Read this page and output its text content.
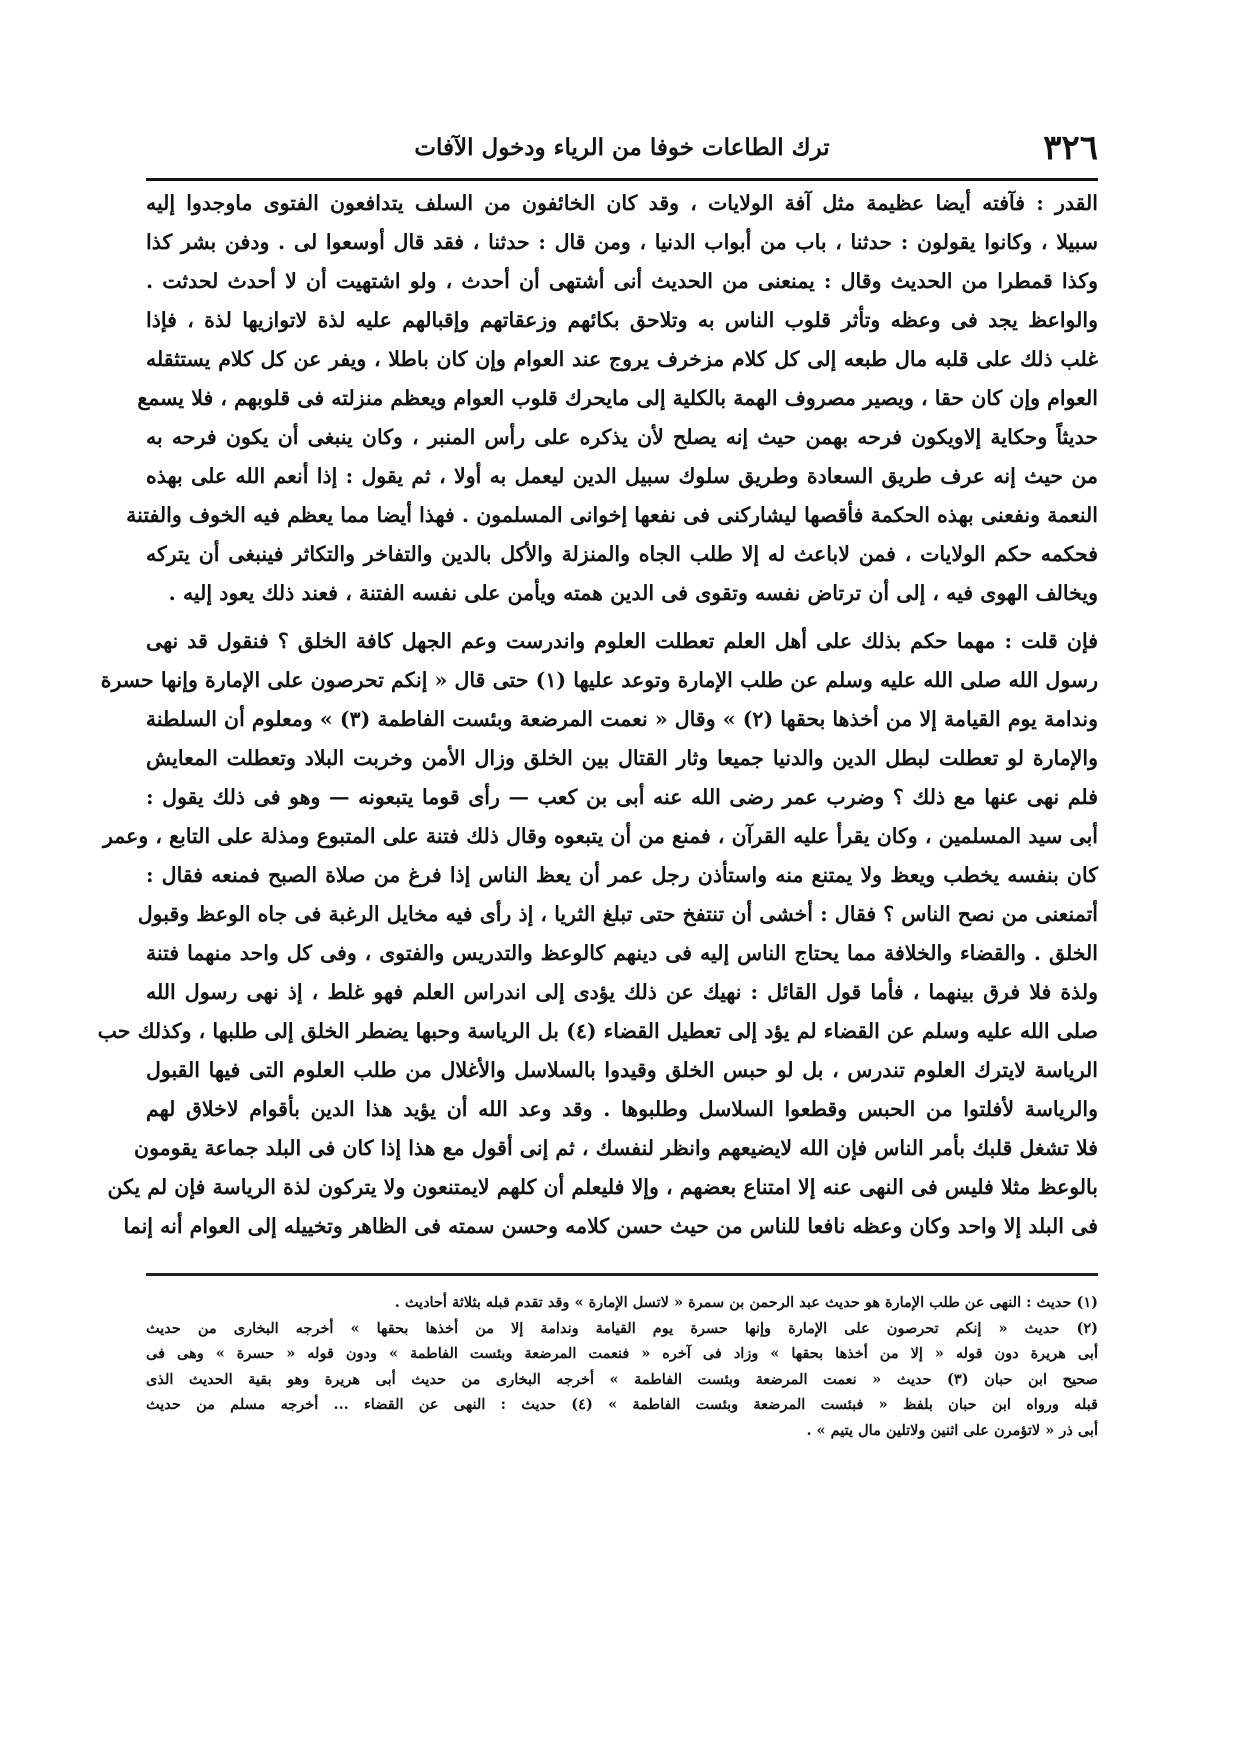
٣٢٦
ترك الطاعات خوفا من الرياء ودخول الآفات
القدر : فآفته أيضا عظيمة مثل آفة الولايات ، وقد كان الخائفون من السلف يتدافعون الفتوى ماوجدوا إليه
سبيلا ، وكانوا يقولون : حدثنا ، باب من أبواب الدنيا ، ومن قال : حدثنا ، فقد قال أوسعوا لى . ودفن بشر كذا
وكذا قمطرا من الحديث وقال : يمنعنى من الحديث أنى أشتهى أن أحدث ، ولو اشتهيت أن لا أحدث لحدثت .
والواعظ يجد فى وعظه وتأثر قلوب الناس به وتلاحق بكائهم وزعقاتهم وإقبالهم عليه لذة لاتوازيها لذة ، فإذا
غلب ذلك على قلبه مال طبعه إلى كل كلام مزخرف يروج عند العوام وإن كان باطلا ، ويفر عن كل كلام يستثقله
العوام وإن كان حقا ، ويصير مصروف الهمة بالكلية إلى مايحرك قلوب العوام ويعظم منزلته فى قلوبهم ، فلا يسمع
حديثاً وحكاية إلاويكون فرحه بهمن حيث إنه يصلح لأن يذكره على رأس المنبر ، وكان ينبغى أن يكون فرحه به
من حيث إنه عرف طريق السعادة وطريق سلوك سبيل الدين ليعمل به أولا ، ثم يقول : إذا أنعم الله على بهذه
النعمة ونفعنى بهذه الحكمة فأقصها ليشاركنى فى نفعها إخوانى المسلمون . فهذا أيضا مما يعظم فيه الخوف والفتنة
فحكمه حكم الولايات ، فمن لاباعث له إلا طلب الجاه والمنزلة والأكل بالدين والتفاخر والتكاثر فينبغى أن يتركه
ويخالف الهوى فيه ، إلى أن ترتاض نفسه وتقوى فى الدين همته ويأمن على نفسه الفتنة ، فعند ذلك يعود إليه .
فإن قلت : مهما حكم بذلك على أهل العلم تعطلت العلوم واندرست وعم الجهل كافة الخلق ؟ فنقول قد نهى
رسول الله صلى الله عليه وسلم عن طلب الإمارة وتوعد عليها (١) حتى قال « إنكم تحرصون على الإمارة وإنها حسرة
وندامة يوم القيامة إلا من أخذها بحقها (٢) » وقال « نعمت المرضعة وبئست الفاطمة (٣) » ومعلوم أن السلطنة
والإمارة لو تعطلت لبطل الدين والدنيا جميعا وثار القتال بين الخلق وزال الأمن وخربت البلاد وتعطلت المعايش
فلم نهى عنها مع ذلك ؟ وضرب عمر رضى الله عنه أبى بن كعب — رأى قوما يتبعونه — وهو فى ذلك يقول :
أبى سيد المسلمين ، وكان يقرأ عليه القرآن ، فمنع من أن يتبعوه وقال ذلك فتنة على المتبوع ومذلة على التابع ، وعمر
كان بنفسه يخطب ويعظ ولا يمتنع منه واستأذن رجل عمر أن يعظ الناس إذا فرغ من صلاة الصبح فمنعه فقال :
أتمنعنى من نصح الناس ؟ فقال : أخشى أن تنتفخ حتى تبلغ الثريا ، إذ رأى فيه مخايل الرغبة فى جاه الوعظ وقبول
الخلق . والقضاء والخلافة مما يحتاج الناس إليه فى دينهم كالوعظ والتدريس والفتوى ، وفى كل واحد منهما فتنة
ولذة فلا فرق بينهما ، فأما قول القائل : نهيك عن ذلك يؤدى إلى اندراس العلم فهو غلط ، إذ نهى رسول الله
صلى الله عليه وسلم عن القضاء لم يؤد إلى تعطيل القضاء (٤) بل الرياسة وحبها يضطر الخلق إلى طلبها ، وكذلك حب
الرياسة لايترك العلوم تندرس ، بل لو حبس الخلق وقيدوا بالسلاسل والأغلال من طلب العلوم التى فيها القبول
والرياسة لأفلتوا من الحبس وقطعوا السلاسل وطلبوها . وقد وعد الله أن يؤيد هذا الدين بأقوام لاخلاق لهم
فلا تشغل قلبك بأمر الناس فإن الله لايضيعهم وانظر لنفسك ، ثم إنى أقول مع هذا إذا كان فى البلد جماعة يقومون
بالوعظ مثلا فليس فى النهى عنه إلا امتناع بعضهم ، وإلا فليعلم أن كلهم لايمتنعون ولا يتركون لذة الرياسة فإن لم يكن
فى البلد إلا واحد وكان وعظه نافعا للناس من حيث حسن كلامه وحسن سمته فى الظاهر وتخييله إلى العوام أنه إنما
(١) حديث : النهى عن طلب الإمارة هو حديث عبد الرحمن بن سمرة « لاتسل الإمارة » وقد تقدم قبله بثلاثة أحاديث .
(٢) حديث « إنكم تحرصون على الإمارة وإنها حسرة يوم القيامة وندامة إلا من أخذها بحقها » أخرجه البخارى من حديث
أبى هريرة دون قوله « إلا من أخذها بحقها » وزاد فى آخره « فنعمت المرضعة وبئست الفاطمة » ودون قوله « حسرة » وهى فى
صحيح ابن حبان (٣) حديث « نعمت المرضعة وبئست الفاطمة » أخرجه البخارى من حديث أبى هريرة وهو بقية الحديث الذى
قبله ورواه ابن حبان بلفظ « فبئست المرضعة وبئست الفاطمة » (٤) حديث : النهى عن القضاء ... أخرجه مسلم من حديث
أبى ذر « لاتؤمرن على اثنين ولاتلين مال يتيم » .
